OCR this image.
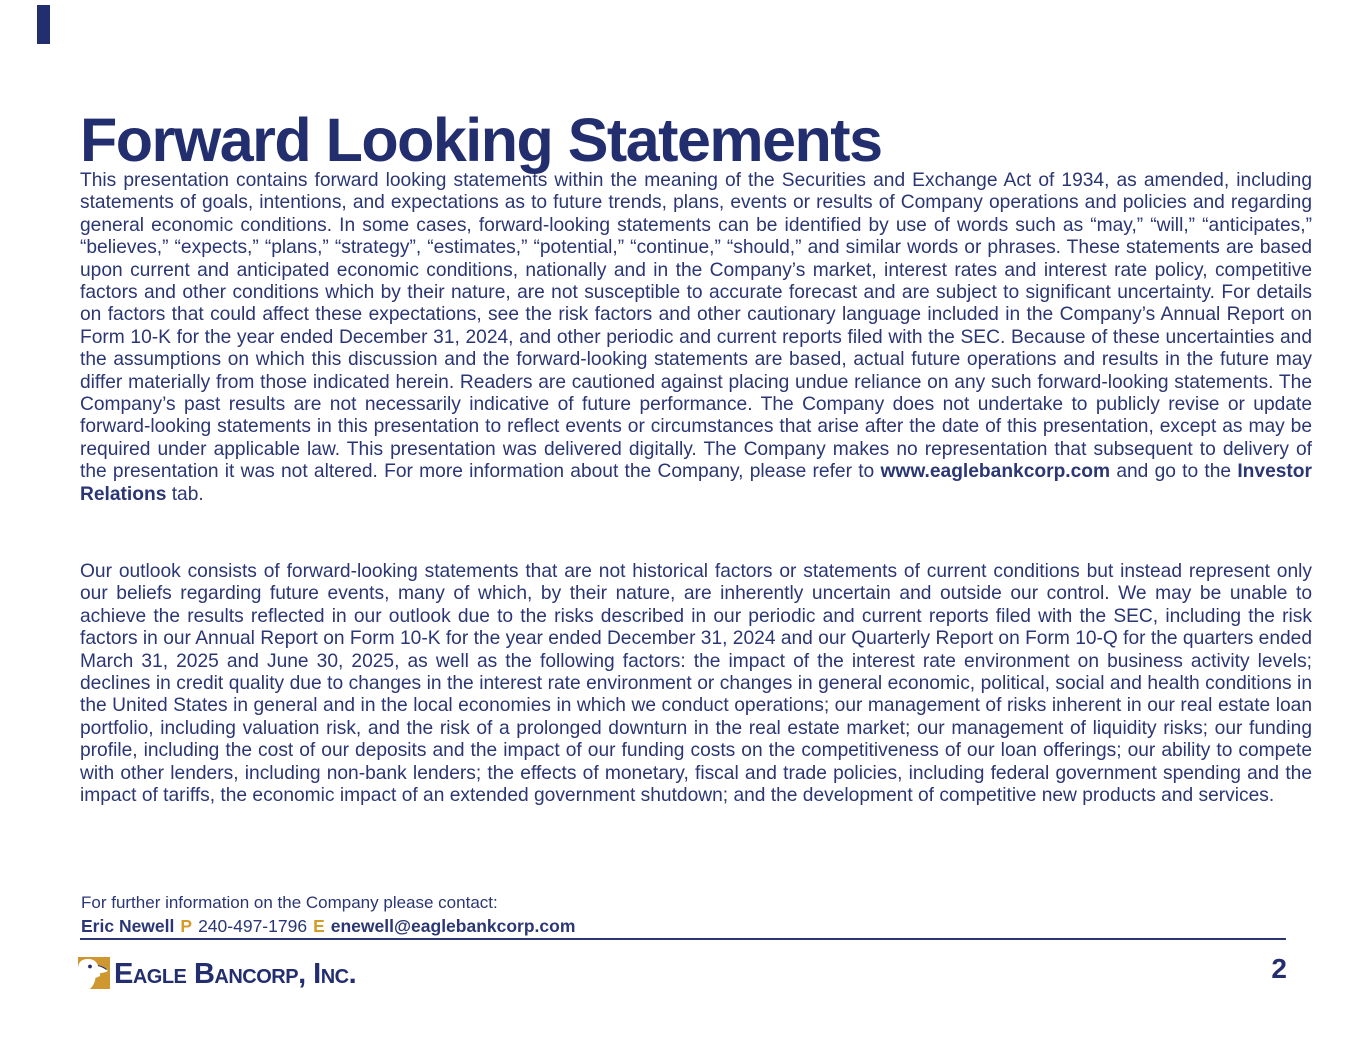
Forward Looking Statements

This presentation contains forward looking statements within the meaning of the Securities and Exchange Act of 1934, as amended, including statements of goals, intentions, and expectations as to future trends, plans, events or results of Company operations and policies and regarding general economic conditions. In some cases, forward-looking statements can be identified by use of words such as “may,” “will,” “anticipates,” “believes,” “expects,” “plans,” “strategy”, “estimates,” “potential,” “continue,” “should,” and similar words or phrases. These statements are based upon current and anticipated economic conditions, nationally and in the Company’s market, interest rates and interest rate policy, competitive factors and other conditions which by their nature, are not susceptible to accurate forecast and are subject to significant uncertainty. For details on factors that could affect these expectations, see the risk factors and other cautionary language included in the Company’s Annual Report on Form 10-K for the year ended December 31, 2024, and other periodic and current reports filed with the SEC. Because of these uncertainties and the assumptions on which this discussion and the forward-looking statements are based, actual future operations and results in the future may differ materially from those indicated herein. Readers are cautioned against placing undue reliance on any such forward-looking statements. The Company’s past results are not necessarily indicative of future performance. The Company does not undertake to publicly revise or update forward-looking statements in this presentation to reflect events or circumstances that arise after the date of this presentation, except as may be required under applicable law. This presentation was delivered digitally. The Company makes no representation that subsequent to delivery of the presentation it was not altered. For more information about the Company, please refer to www.eaglebankcorp.com and go to the Investor Relations tab.

Our outlook consists of forward-looking statements that are not historical factors or statements of current conditions but instead represent only our beliefs regarding future events, many of which, by their nature, are inherently uncertain and outside our control. We may be unable to achieve the results reflected in our outlook due to the risks described in our periodic and current reports filed with the SEC, including the risk factors in our Annual Report on Form 10-K for the year ended December 31, 2024 and our Quarterly Report on Form 10-Q for the quarters ended March 31, 2025 and June 30, 2025, as well as the following factors: the impact of the interest rate environment on business activity levels; declines in credit quality due to changes in the interest rate environment or changes in general economic, political, social and health conditions in the United States in general and in the local economies in which we conduct operations; our management of risks inherent in our real estate loan portfolio, including valuation risk, and the risk of a prolonged downturn in the real estate market; our management of liquidity risks; our funding profile, including the cost of our deposits and the impact of our funding costs on the competitiveness of our loan offerings; our ability to compete with other lenders, including non-bank lenders; the effects of monetary, fiscal and trade policies, including federal government spending and the impact of tariffs, the economic impact of an extended government shutdown; and the development of competitive new products and services.

For further information on the Company please contact:
Eric Newell P 240-497-1796 E enewell@eaglebankcorp.com
Eagle Bancorp, Inc.	2
